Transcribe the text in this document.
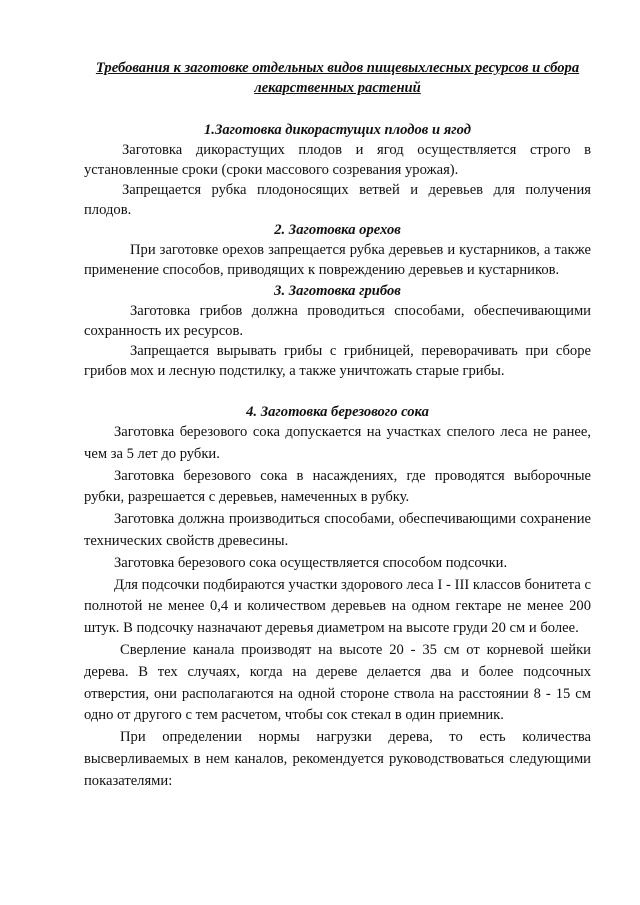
Требования к заготовке отдельных видов пищевыхлесных ресурсов и сбора лекарственных растений
1.Заготовка дикорастущих плодов и ягод

Заготовка дикорастущих плодов и ягод осуществляется строго в установленные сроки (сроки массового созревания урожая).

Запрещается рубка плодоносящих ветвей и деревьев для получения плодов.

2. Заготовка орехов

При заготовке орехов запрещается рубка деревьев и кустарников, а также применение способов, приводящих к повреждению деревьев и кустарников.

3. Заготовка грибов

Заготовка грибов должна проводиться способами, обеспечивающими сохранность их ресурсов.

Запрещается вырывать грибы с грибницей, переворачивать при сборе грибов мох и лесную подстилку, а также уничтожать старые грибы.

4. Заготовка березового сока

Заготовка березового сока допускается на участках спелого леса не ранее, чем за 5 лет до рубки.

Заготовка березового сока в насаждениях, где проводятся выборочные рубки, разрешается с деревьев, намеченных в рубку.

Заготовка должна производиться способами, обеспечивающими сохранение технических свойств древесины.

Заготовка березового сока осуществляется способом подсочки.

Для подсочки подбираются участки здорового леса I - III классов бонитета с полнотой не менее 0,4 и количеством деревьев на одном гектаре не менее 200 штук. В подсочку назначают деревья диаметром на высоте груди 20 см и более.

Сверление канала производят на высоте 20 - 35 см от корневой шейки дерева. В тех случаях, когда на дереве делается два и более подсочных отверстия, они располагаются на одной стороне ствола на расстоянии 8 - 15 см одно от другого с тем расчетом, чтобы сок стекал в один приемник.

При определении нормы нагрузки дерева, то есть количества высверливаемых в нем каналов, рекомендуется руководствоваться следующими показателями:
